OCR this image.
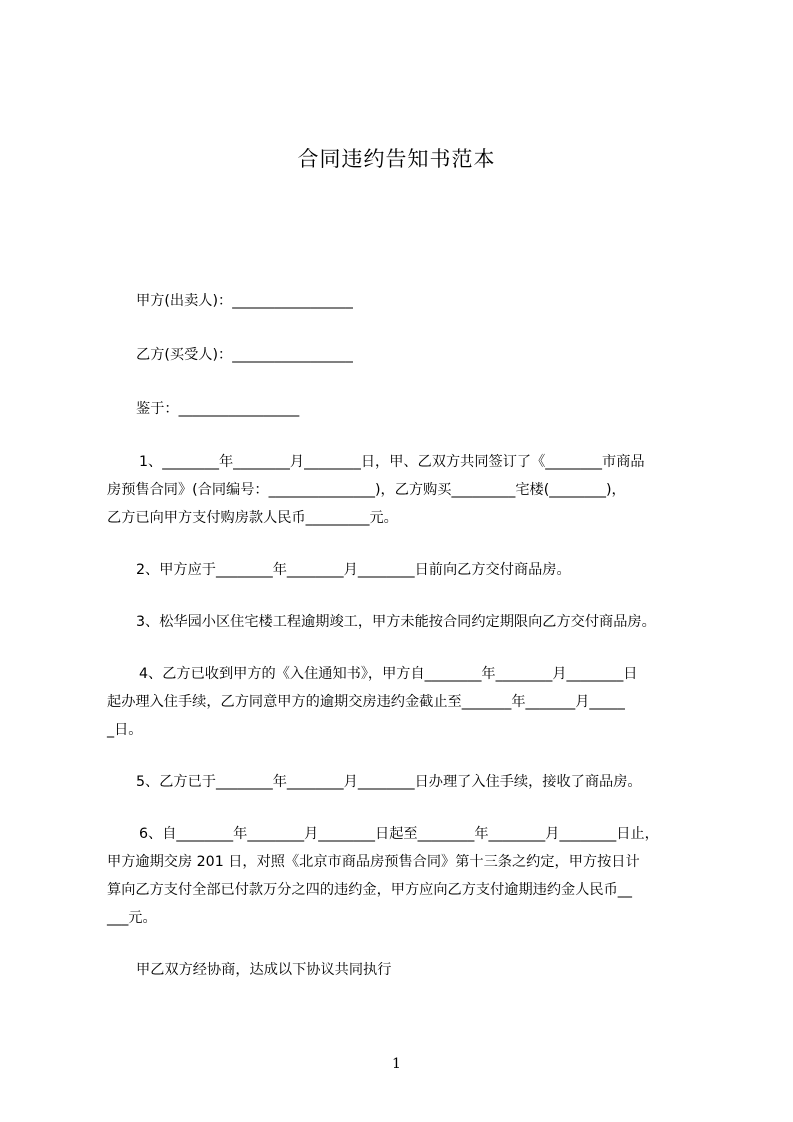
合同违约告知书范本
甲方(出卖人)：_________________
乙方(买受人)：_________________
鉴于：_________________
1、________年________月________日，甲、乙双方共同签订了《________市商品
房预售合同》(合同编号：_______________)，乙方购买_________宅楼(________)，
乙方已向甲方支付购房款人民币_________元。
2、甲方应于________年________月________日前向乙方交付商品房。
3、松华园小区住宅楼工程逾期竣工，甲方未能按合同约定期限向乙方交付商品房。
4、乙方已收到甲方的《入住通知书》，甲方自________年________月________日
起办理入住手续，乙方同意甲方的逾期交房违约金截止至_______年_______月_____
_日。
5、乙方已于________年________月________日办理了入住手续，接收了商品房。
6、自________年________月________日起至________年________月________日止，
甲方逾期交房 201 日，对照《北京市商品房预售合同》第十三条之约定，甲方按日计
算向乙方支付全部已付款万分之四的违约金，甲方应向乙方支付逾期违约金人民币__
___元。
甲乙双方经协商，达成以下协议共同执行
1
